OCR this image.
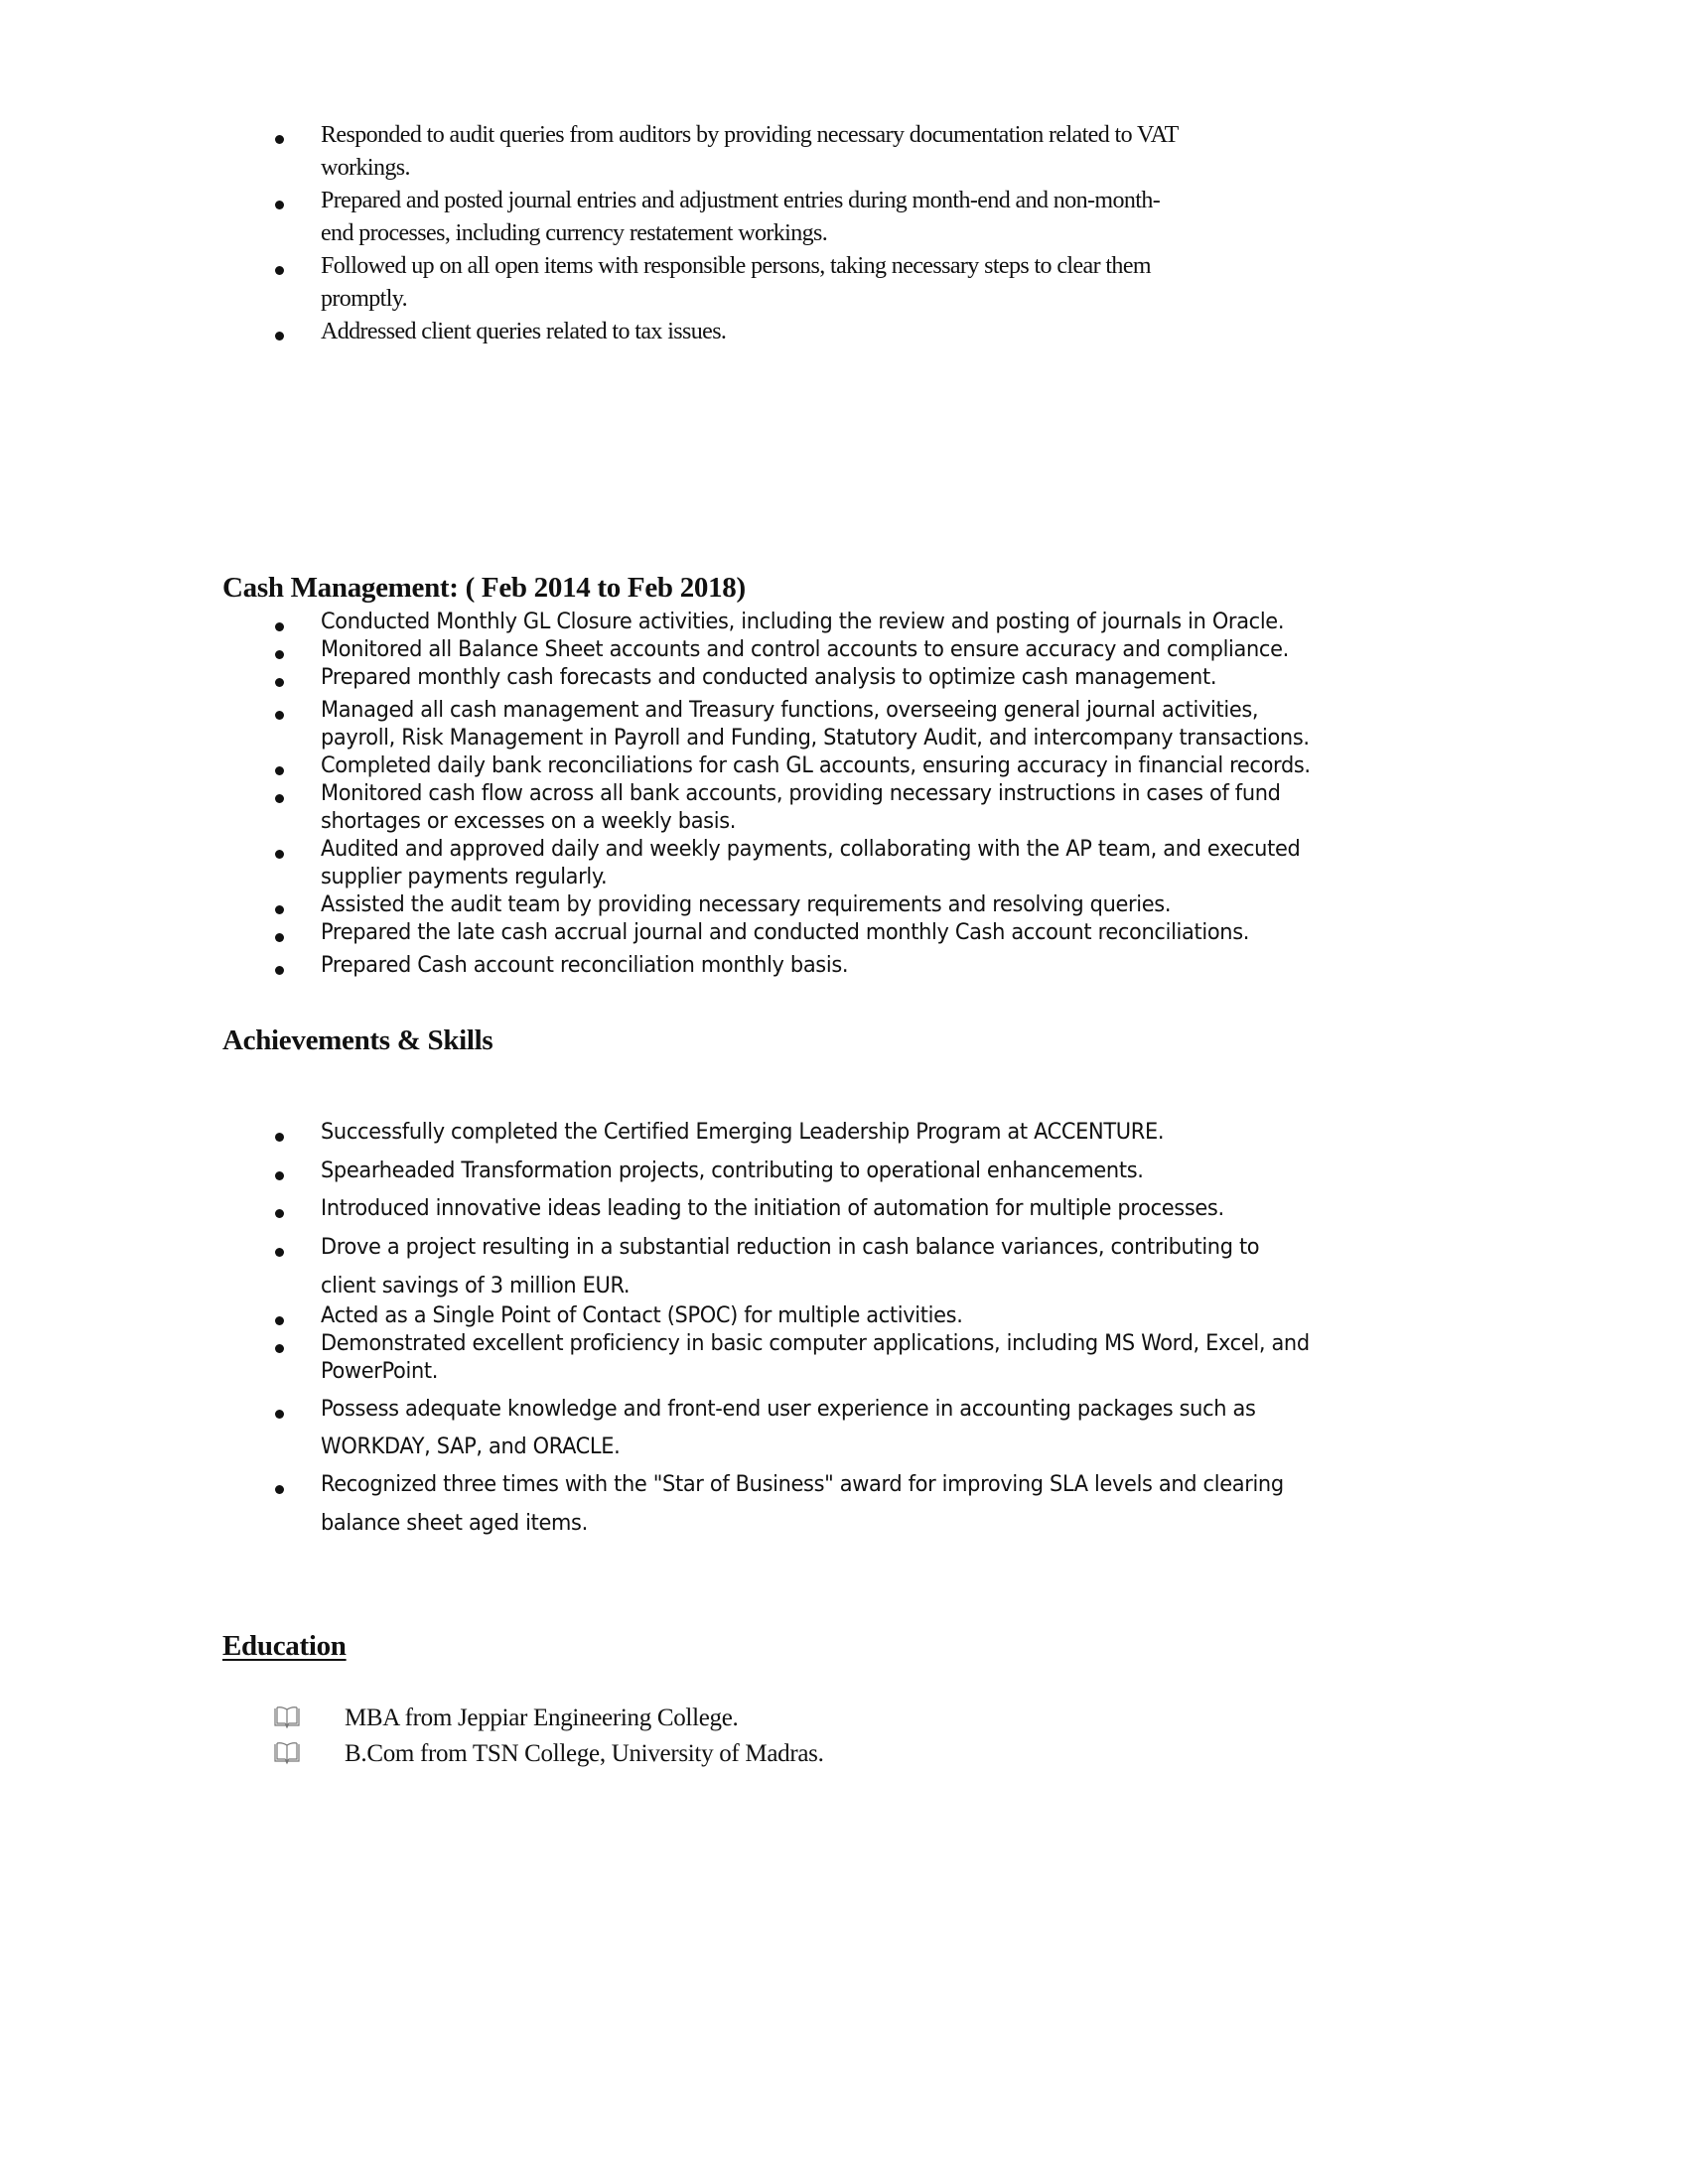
Responded to audit queries from auditors by providing necessary documentation related to VAT
workings.
Prepared and posted journal entries and adjustment entries during month-end and non-month-
end processes, including currency restatement workings.
Followed up on all open items with responsible persons, taking necessary steps to clear them
promptly.
Addressed client queries related to tax issues.
Cash Management: ( Feb 2014 to Feb 2018)
Conducted Monthly GL Closure activities, including the review and posting of journals in Oracle.
Monitored all Balance Sheet accounts and control accounts to ensure accuracy and compliance.
Prepared monthly cash forecasts and conducted analysis to optimize cash management.
Managed all cash management and Treasury functions, overseeing general journal activities,
payroll, Risk Management in Payroll and Funding, Statutory Audit, and intercompany transactions.
Completed daily bank reconciliations for cash GL accounts, ensuring accuracy in financial records.
Monitored cash flow across all bank accounts, providing necessary instructions in cases of fund
shortages or excesses on a weekly basis.
Audited and approved daily and weekly payments, collaborating with the AP team, and executed
supplier payments regularly.
Assisted the audit team by providing necessary requirements and resolving queries.
Prepared the late cash accrual journal and conducted monthly Cash account reconciliations.
Prepared Cash account reconciliation monthly basis.
Achievements & Skills
Successfully completed the Certified Emerging Leadership Program at ACCENTURE.
Spearheaded Transformation projects, contributing to operational enhancements.
Introduced innovative ideas leading to the initiation of automation for multiple processes.
Drove a project resulting in a substantial reduction in cash balance variances, contributing to
client savings of 3 million EUR.
Acted as a Single Point of Contact (SPOC) for multiple activities.
Demonstrated excellent proficiency in basic computer applications, including MS Word, Excel, and
PowerPoint.
Possess adequate knowledge and front-end user experience in accounting packages such as
WORKDAY, SAP, and ORACLE.
Recognized three times with the "Star of Business" award for improving SLA levels and clearing
balance sheet aged items.
Education
MBA from Jeppiar Engineering College.
B.Com from TSN College, University of Madras.
